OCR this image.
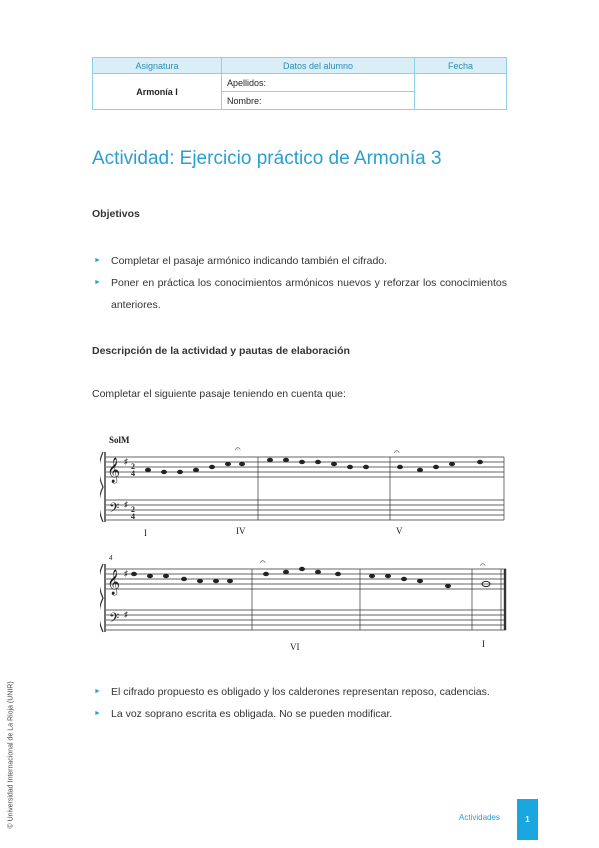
Asignatura	Datos del alumno	Fecha
Armonía I	Apellidos:	
	Nombre:	
Actividad: Ejercicio práctico de Armonía 3

Objetivos

► Completar el pasaje armónico indicando también el cifrado.
► Poner en práctica los conocimientos armónicos nuevos y reforzar los conocimientos anteriores.

Descripción de la actividad y pautas de elaboración

Completar el siguiente pasaje teniendo en cuenta que:

SolM
𝄞
𝄢
♯
♯
2
4
2
4
𝄐	𝄐
I	IV	V
4
𝄞
𝄢
♯
♯
𝄐	𝄐
VI	I
► El cifrado propuesto es obligado y los calderones representan reposo, cadencias.
► La voz soprano escrita es obligada. No se pueden modificar.
© Universidad Internacional de La Rioja (UNIR)	Actividades	1
